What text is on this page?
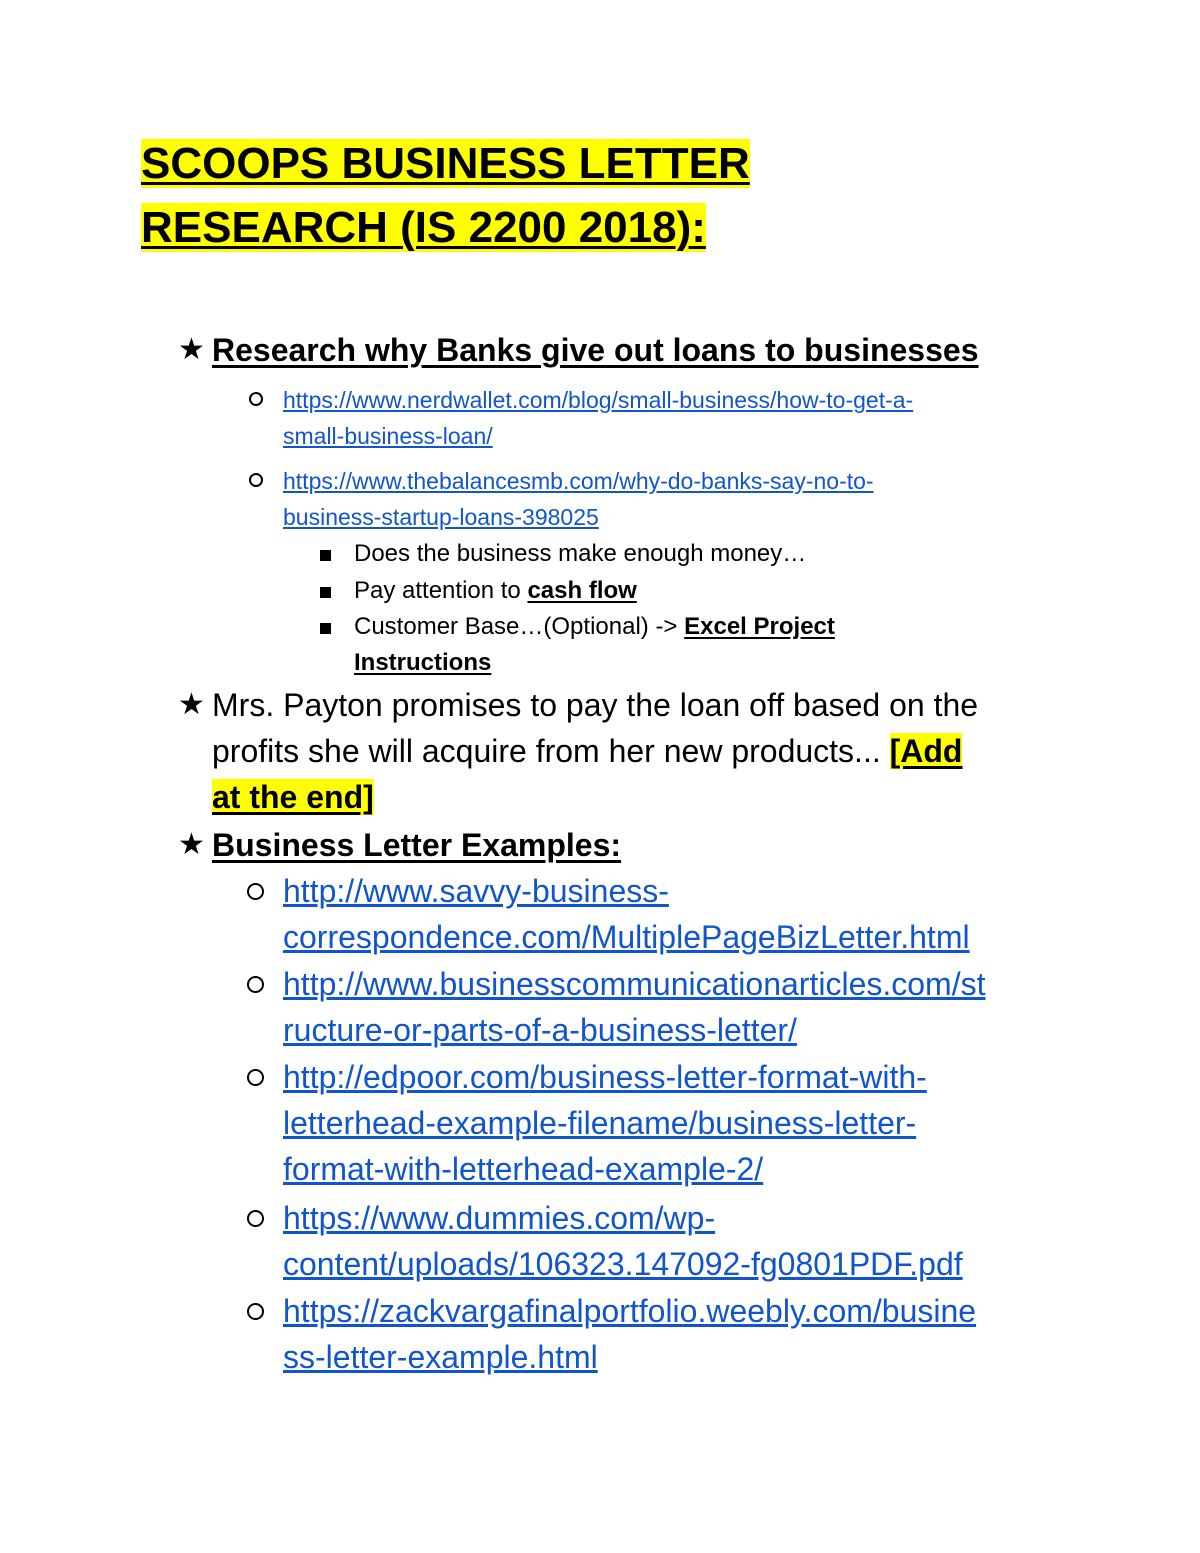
SCOOPS BUSINESS LETTER
RESEARCH (IS 2200 2018):
★ Research why Banks give out loans to businesses
https://www.nerdwallet.com/blog/small-business/how-to-get-a-
small-business-loan/
https://www.thebalancesmb.com/why-do-banks-say-no-to-
business-startup-loans-398025
Does the business make enough money…
Pay attention to cash flow
Customer Base…(Optional) -> Excel Project
Instructions
★ Mrs. Payton promises to pay the loan off based on the
profits she will acquire from her new products... [Add
at the end]
★ Business Letter Examples:
http://www.savvy-business-
correspondence.com/MultiplePageBizLetter.html
http://www.businesscommunicationarticles.com/st
ructure-or-parts-of-a-business-letter/
http://edpoor.com/business-letter-format-with-
letterhead-example-filename/business-letter-
format-with-letterhead-example-2/
https://www.dummies.com/wp-
content/uploads/106323.147092-fg0801PDF.pdf
https://zackvargafinalportfolio.weebly.com/busine
ss-letter-example.html
